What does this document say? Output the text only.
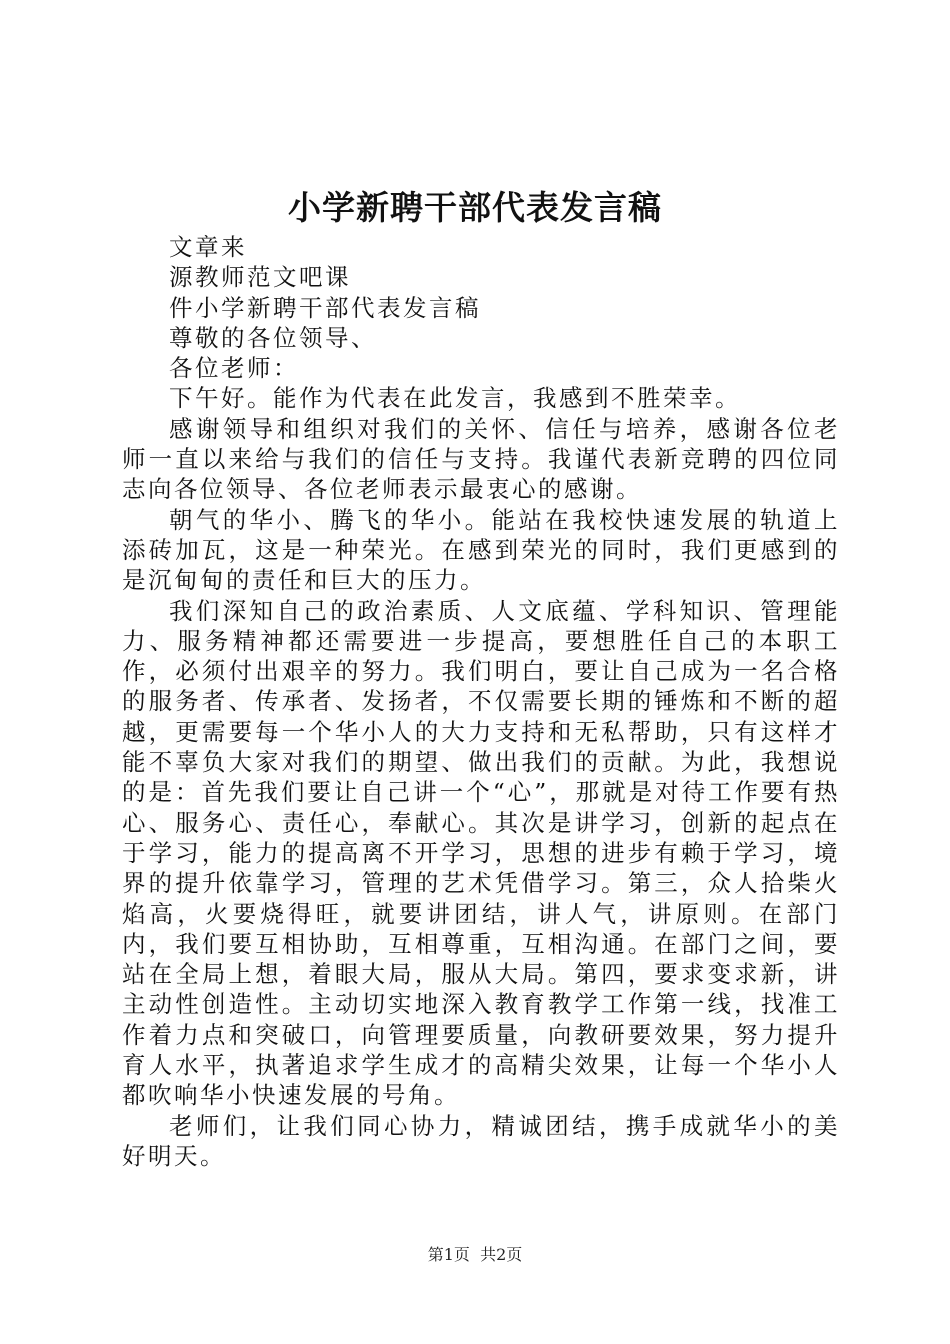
小学新聘干部代表发言稿

文章来

源教师范文吧课

件小学新聘干部代表发言稿

尊敬的各位领导、

各位老师：

下午好。能作为代表在此发言，我感到不胜荣幸。

感谢领导和组织对我们的关怀、信任与培养，感谢各位老师一直以来给与我们的信任与支持。我谨代表新竞聘的四位同志向各位领导、各位老师表示最衷心的感谢。

朝气的华小、腾飞的华小。能站在我校快速发展的轨道上添砖加瓦，这是一种荣光。在感到荣光的同时，我们更感到的是沉甸甸的责任和巨大的压力。

我们深知自己的政治素质、人文底蕴、学科知识、管理能力、服务精神都还需要进一步提高，要想胜任自己的本职工作，必须付出艰辛的努力。我们明白，要让自己成为一名合格的服务者、传承者、发扬者，不仅需要长期的锤炼和不断的超越，更需要每一个华小人的大力支持和无私帮助，只有这样才能不辜负大家对我们的期望、做出我们的贡献。为此，我想说的是：首先我们要让自己讲一个“心”，那就是对待工作要有热心、服务心、责任心，奉献心。其次是讲学习，创新的起点在于学习，能力的提高离不开学习，思想的进步有赖于学习，境界的提升依靠学习，管理的艺术凭借学习。第三，众人拾柴火焰高，火要烧得旺，就要讲团结，讲人气，讲原则。在部门内，我们要互相协助，互相尊重，互相沟通。在部门之间，要站在全局上想，着眼大局，服从大局。第四，要求变求新，讲主动性创造性。主动切实地深入教育教学工作第一线，找准工作着力点和突破口，向管理要质量，向教研要效果，努力提升育人水平，执著追求学生成才的高精尖效果，让每一个华小人都吹响华小快速发展的号角。

老师们，让我们同心协力，精诚团结，携手成就华小的美好明天。

第1页  共2页
